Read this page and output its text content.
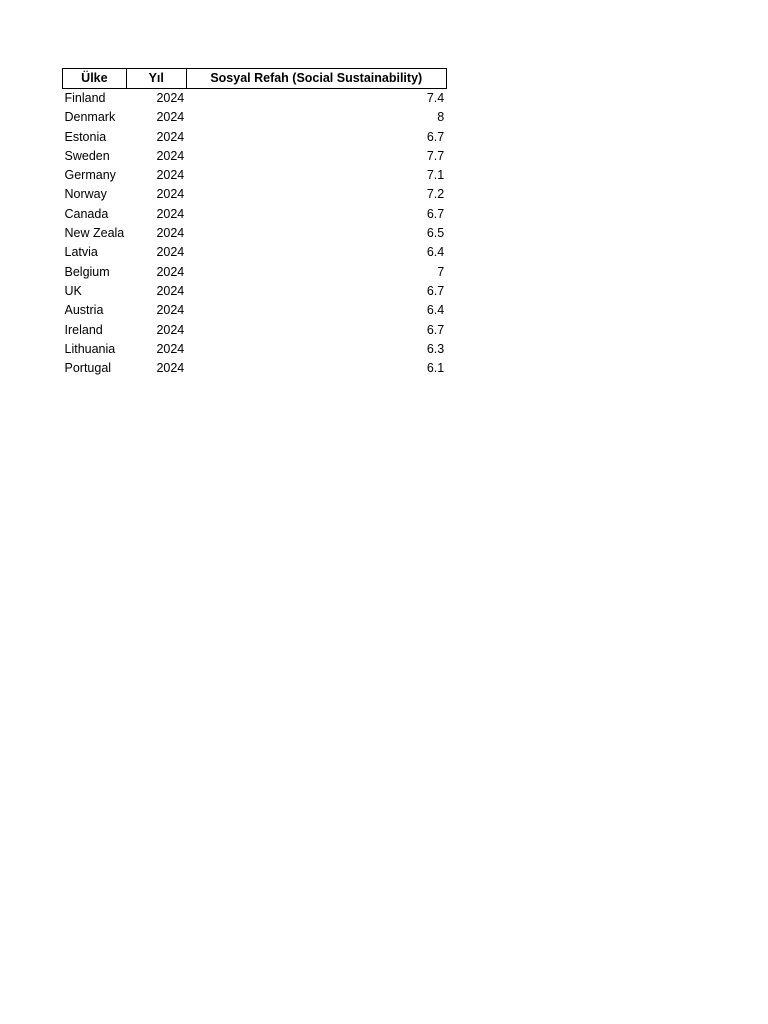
Ülke	Yıl	Sosyal Refah (Social Sustainability)
Finland	2024	7.4
Denmark	2024	8
Estonia	2024	6.7
Sweden	2024	7.7
Germany	2024	7.1
Norway	2024	7.2
Canada	2024	6.7
New Zeala	2024	6.5
Latvia	2024	6.4
Belgium	2024	7
UK	2024	6.7
Austria	2024	6.4
Ireland	2024	6.7
Lithuania	2024	6.3
Portugal	2024	6.1
